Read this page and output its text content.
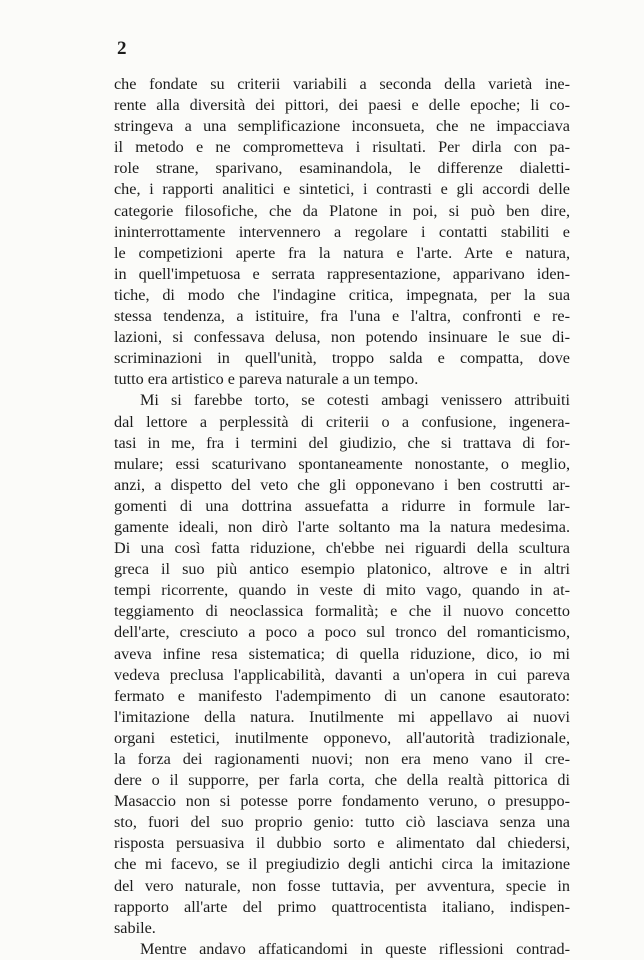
2

che fondate su criterii variabili a seconda della varietà ine-
rente alla diversità dei pittori, dei paesi e delle epoche; li co-
stringeva a una semplificazione inconsueta, che ne impacciava
il metodo e ne comprometteva i risultati. Per dirla con pa-
role strane, sparivano, esaminandola, le differenze dialetti-
che, i rapporti analitici e sintetici, i contrasti e gli accordi delle
categorie filosofiche, che da Platone in poi, si può ben dire,
ininterrottamente intervennero a regolare i contatti stabiliti e
le competizioni aperte fra la natura e l'arte. Arte e natura,
in quell'impetuosa e serrata rappresentazione, apparivano iden-
tiche, di modo che l'indagine critica, impegnata, per la sua
stessa tendenza, a istituire, fra l'una e l'altra, confronti e re-
lazioni, si confessava delusa, non potendo insinuare le sue di-
scriminazioni in quell'unità, troppo salda e compatta, dove
tutto era artistico e pareva naturale a un tempo.

Mi si farebbe torto, se cotesti ambagi venissero attribuiti
dal lettore a perplessità di criterii o a confusione, ingenera-
tasi in me, fra i termini del giudizio, che si trattava di for-
mulare; essi scaturivano spontaneamente nonostante, o meglio,
anzi, a dispetto del veto che gli opponevano i ben costrutti ar-
gomenti di una dottrina assuefatta a ridurre in formule lar-
gamente ideali, non dirò l'arte soltanto ma la natura medesima.
Di una così fatta riduzione, ch'ebbe nei riguardi della scultura
greca il suo più antico esempio platonico, altrove e in altri
tempi ricorrente, quando in veste di mito vago, quando in at-
teggiamento di neoclassica formalità; e che il nuovo concetto
dell'arte, cresciuto a poco a poco sul tronco del romanticismo,
aveva infine resa sistematica; di quella riduzione, dico, io mi
vedeva preclusa l'applicabilità, davanti a un'opera in cui pareva
fermato e manifesto l'adempimento di un canone esautorato:
l'imitazione della natura. Inutilmente mi appellavo ai nuovi
organi estetici, inutilmente opponevo, all'autorità tradizionale,
la forza dei ragionamenti nuovi; non era meno vano il cre-
dere o il supporre, per farla corta, che della realtà pittorica di
Masaccio non si potesse porre fondamento veruno, o presuppo-
sto, fuori del suo proprio genio: tutto ciò lasciava senza una
risposta persuasiva il dubbio sorto e alimentato dal chiedersi,
che mi facevo, se il pregiudizio degli antichi circa la imitazione
del vero naturale, non fosse tuttavia, per avventura, specie in
rapporto all'arte del primo quattrocentista italiano, indispen-
sabile.

Mentre andavo affaticandomi in queste riflessioni contrad-
